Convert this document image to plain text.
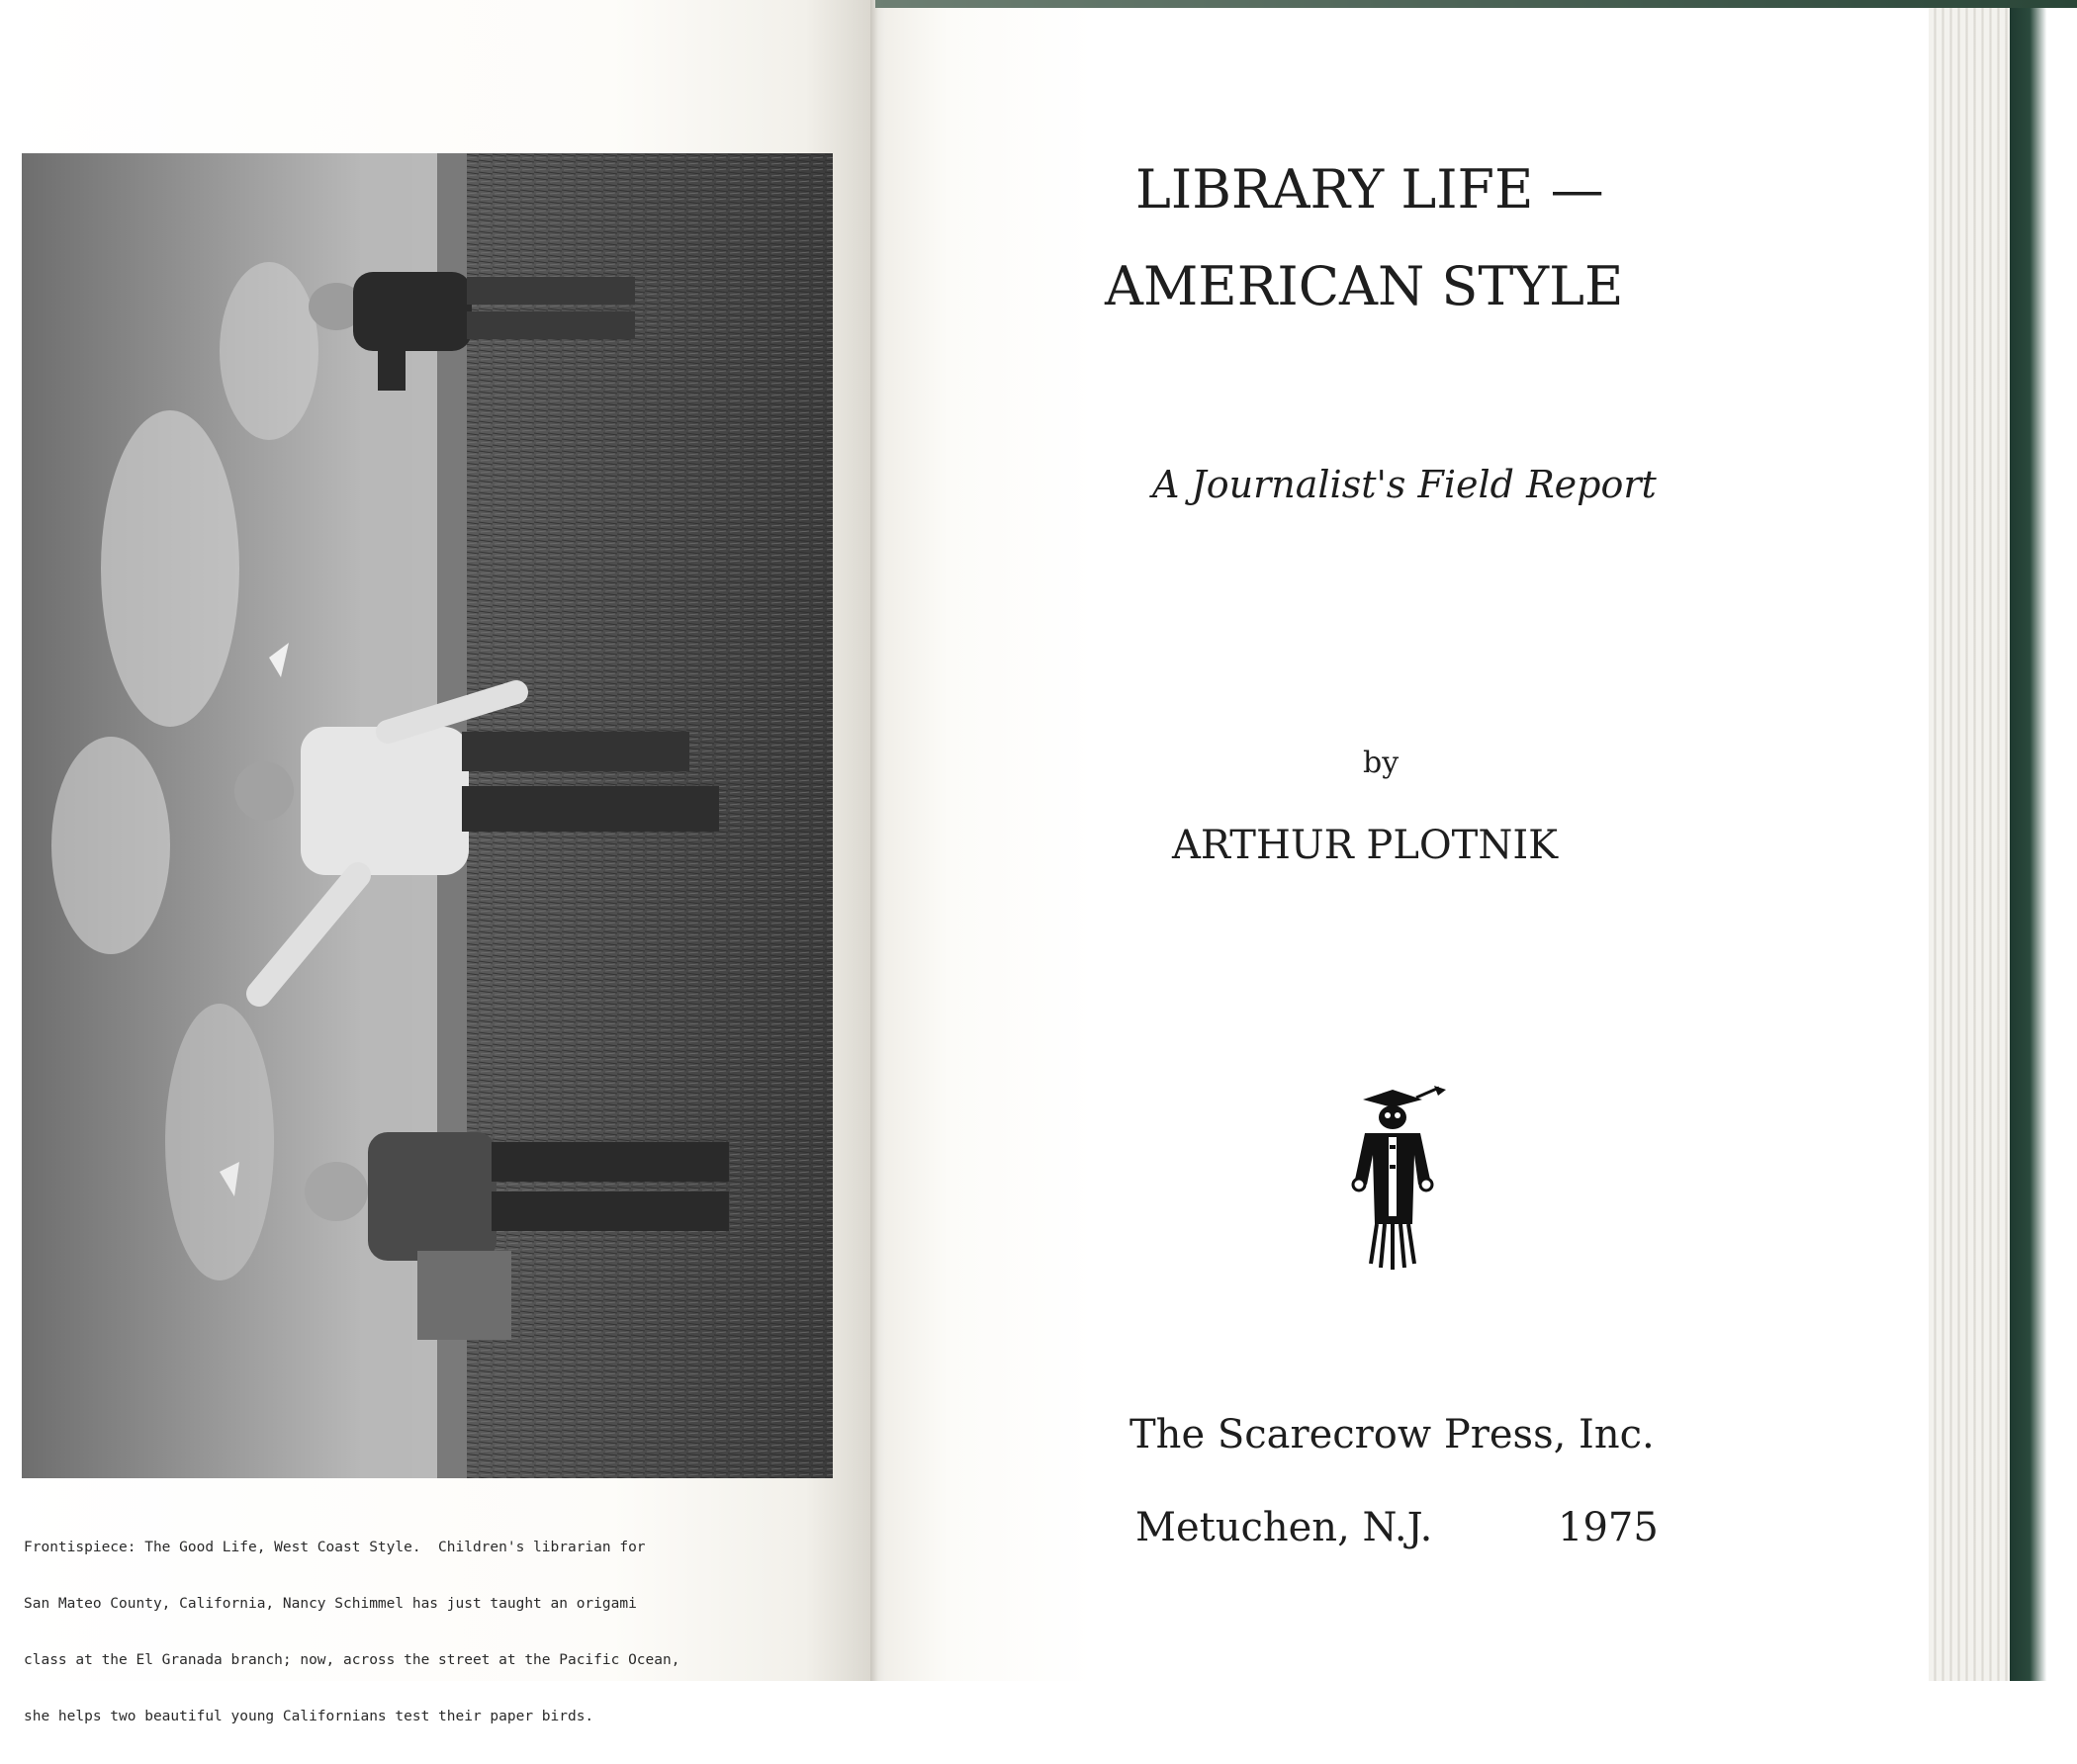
Frontispiece: The Good Life, West Coast Style.  Children's librarian for

San Mateo County, California, Nancy Schimmel has just taught an origami

class at the El Granada branch; now, across the street at the Pacific Ocean,

she helps two beautiful young Californians test their paper birds.

LIBRARY LIFE —
AMERICAN STYLE
A Journalist's Field Report
by
ARTHUR PLOTNIK
The Scarecrow Press, Inc.
Metuchen, N.J.	1975
